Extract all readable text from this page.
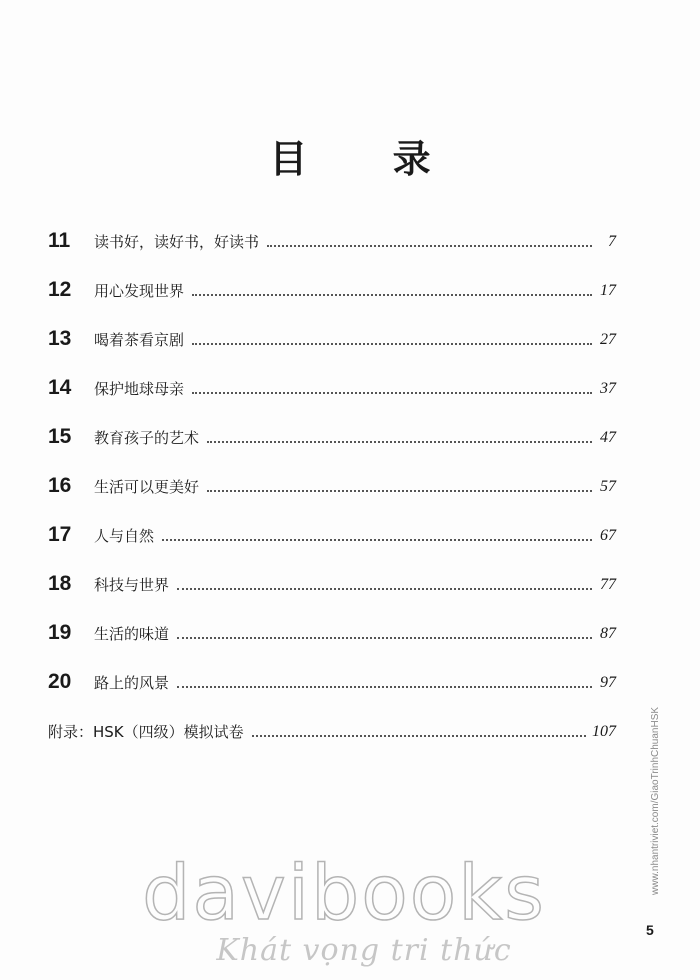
目 录
11	读书好，读好书，好读书	7
12	用心发现世界	17
13	喝着茶看京剧	27
14	保护地球母亲	37
15	教育孩子的艺术	47
16	生活可以更美好	57
17	人与自然	67
18	科技与世界	77
19	生活的味道	87
20	路上的风景	97
附录：HSK（四级）模拟试卷	107	www.nhantriviet.com/GiaoTrinhChuanHSK
davibooks
Khát vọng tri thức
5
